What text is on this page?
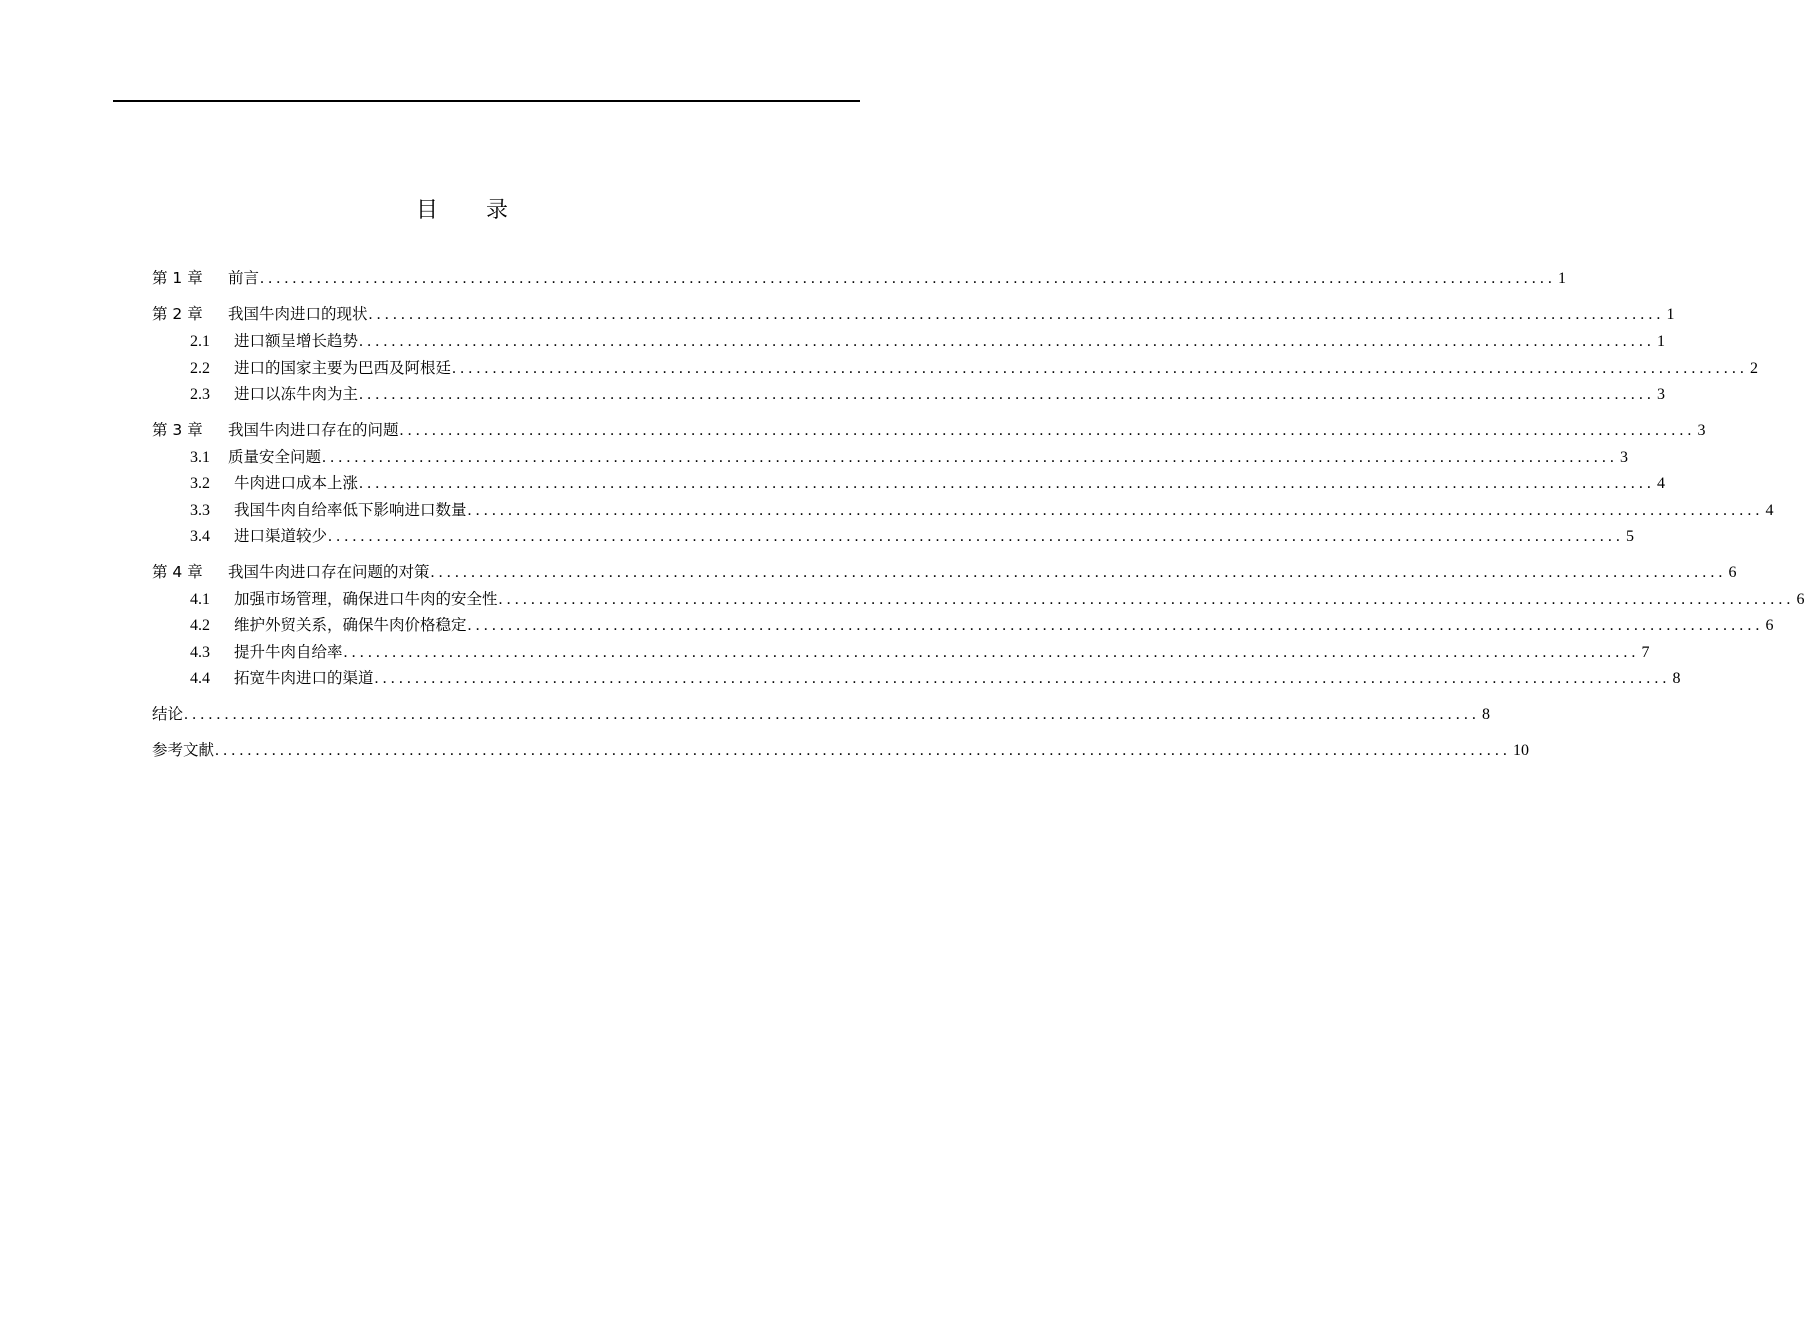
目录
第 1 章	前言 .....	1
第 2 章	我国牛肉进口的现状 .....	1
2.1	进口额呈增长趋势 .....	1
2.2	进口的国家主要为巴西及阿根廷 .....	2
2.3	进口以冻牛肉为主 .....	3
第 3 章	我国牛肉进口存在的问题 .....	3
3.1	质量安全问题 .....	3
3.2	牛肉进口成本上涨 .....	4
3.3	我国牛肉自给率低下影响进口数量 .....	4
3.4	进口渠道较少 .....	5
第 4 章	我国牛肉进口存在问题的对策 .....	6
4.1	加强市场管理，确保进口牛肉的安全性 .....	6
4.2	维护外贸关系，确保牛肉价格稳定 .....	6
4.3	提升牛肉自给率 .....	7
4.4	拓宽牛肉进口的渠道 .....	8
结论 .....	8
参考文献 .....	10
